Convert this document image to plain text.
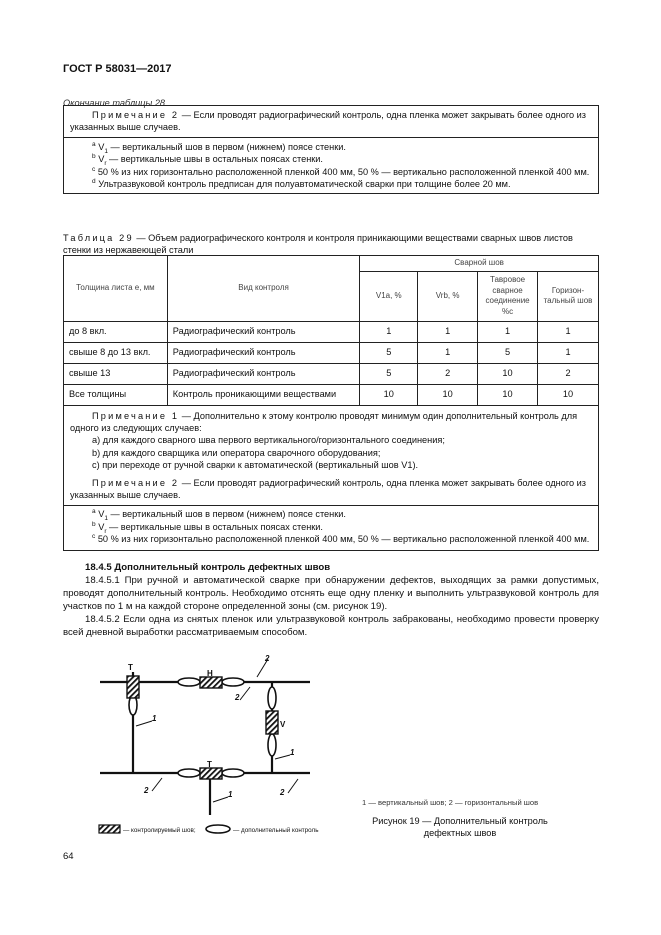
ГОСТ Р 58031—2017
Окончание таблицы 28
Примечание 2 — Если проводят радиографический контроль, одна пленка может закрывать более одного из указанных выше случаев.
$^a$ $V_1$ — вертикальный шов в первом (нижнем) поясе стенки.
$^b$ $V_r$ — вертикальные швы в остальных поясах стенки.
$^c$ 50 % из них горизонтально расположенной пленкой 400 мм, 50 % — вертикально расположенной пленкой 400 мм.
$^d$ Ультразвуковой контроль предписан для полуавтоматической сварки при толщине более 20 мм.
Таблица 29 — Объем радиографического контроля и контроля приникающими веществами сварных швов листов стенки из нержавеющей стали
Толщина листа е, мм	Вид контроля	Сварной шов			
		V1a, %	Vrb, %	Тавровое сварное соединение %c	Горизон-тальный шов
до 8 вкл.	Радиографический контроль	1	1	1	1
свыше 8 до 13 вкл.	Радиографический контроль	5	1	5	1
свыше 13	Радиографический контроль	5	2	10	2
Все толщины	Контроль проникающими веществами	10	10	10	10

Примечание 1 — Дополнительно к этому контролю проводят минимум один дополнительный контроль для одного из следующих случаев:
a) для каждого сварного шва первого вертикального/горизонтального соединения;
b) для каждого сварщика или оператора сварочного оборудования;
c) при переходе от ручной сварки к автоматической (вертикальный шов V1).
Примечание 2 — Если проводят радиографический контроль, одна пленка может закрывать более одного из указанных выше случаев.					

$^a$ $V_1$ — вертикальный шов в первом (нижнем) поясе стенки.
$^b$ $V_r$ — вертикальные швы в остальных поясах стенки.
$^c$ 50 % из них горизонтально расположенной пленкой 400 мм, 50 % — вертикально расположенной пленкой 400 мм.					
18.4.5 Дополнительный контроль дефектных швов
18.4.5.1 При ручной и автоматической сварке при обнаружении дефектов, выходящих за рамки допустимых, проводят дополнительный контроль. Необходимо отснять еще одну пленку и выполнить ультразвуковой контроль для участков по 1 м на каждой стороне определенной зоны (см. рисунок 19).
18.4.5.2 Если одна из снятых пленок или ультразвуковой контроль забракованы, необходимо провести проверку всей дневной выработки рассматриваемым способом.
Т
Н
V
Т
1
1
1
2
2
2	2
— контролируемый шов;	— дополнительный контроль
1 — вертикальный шов; 2 — горизонтальный шов
Рисунок 19 — Дополнительный контроль дефектных швов
64
